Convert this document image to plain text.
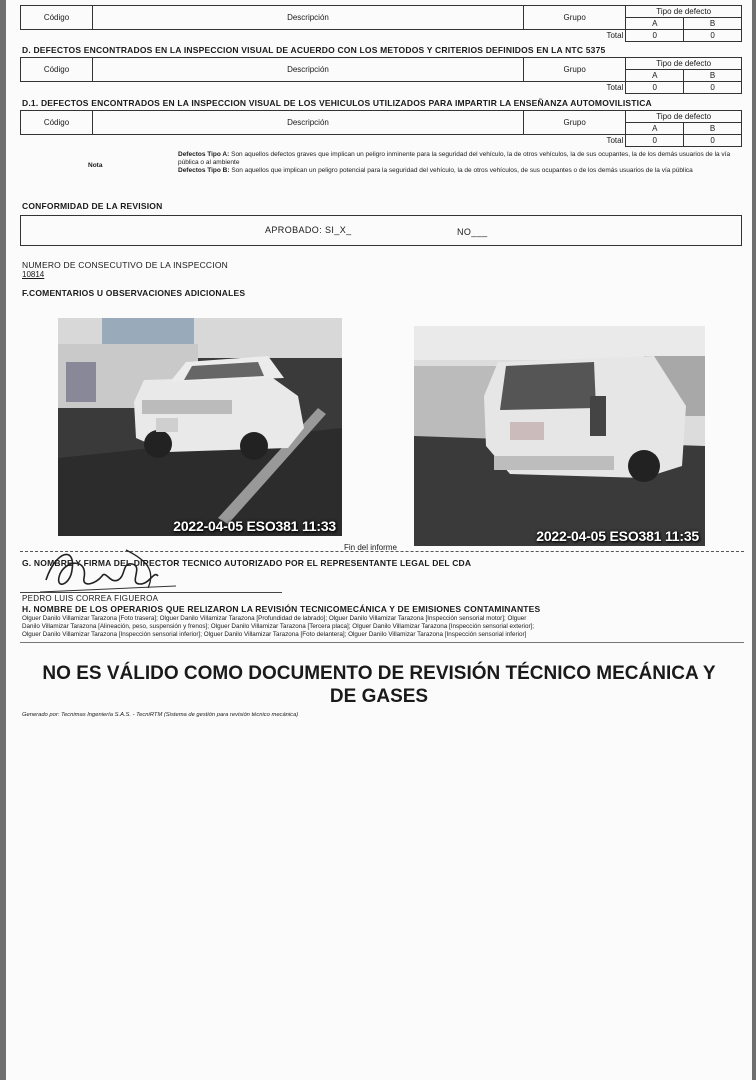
Código	Descripción	Grupo	Tipo de defecto	
			A	B
Total			0	0
D. DEFECTOS ENCONTRADOS EN LA INSPECCION VISUAL DE ACUERDO CON LOS METODOS Y CRITERIOS DEFINIDOS EN LA NTC 5375
Código	Descripción	Grupo	Tipo de defecto	
			A	B
Total			0	0
D.1. DEFECTOS ENCONTRADOS EN LA INSPECCION VISUAL DE LOS VEHICULOS UTILIZADOS PARA IMPARTIR LA ENSEÑANZA AUTOMOVILISTICA
Código	Descripción	Grupo	Tipo de defecto	
			A	B
Total			0	0
Nota
Defectos Tipo A: Son aquellos defectos graves que implican un peligro inminente para la seguridad del vehículo, la de otros vehículos, la de sus ocupantes, la de los demás usuarios de la vía pública o al ambiente
Defectos Tipo B: Son aquellos que implican un peligro potencial para la seguridad del vehículo, la de otros vehículos, de sus ocupantes o de los demás usuarios de la vía pública
CONFORMIDAD DE LA REVISION
APROBADO: SI_X_	NO___
NUMERO DE CONSECUTIVO DE LA INSPECCION
10814
F.COMENTARIOS U OBSERVACIONES ADICIONALES
2022-04-05 ESO381 11:33
2022-04-05 ESO381 11:35
Fin del informe
G. NOMBRE Y FIRMA DEL DIRECTOR TECNICO AUTORIZADO POR EL REPRESENTANTE LEGAL DEL CDA
PEDRO LUIS CORREA FIGUEROA
H. NOMBRE DE LOS OPERARIOS QUE RELIZARON LA REVISIÓN TECNICOMECÁNICA Y DE EMISIONES CONTAMINANTES
Olguer Danilo Villamizar Tarazona [Foto trasera]; Olguer Danilo Villamizar Tarazona [Profundidad de labrado]; Olguer Danilo Villamizar Tarazona [Inspección sensorial motor]; Olguer
Danilo Villamizar Tarazona [Alineación, peso, suspensión y frenos]; Olguer Danilo Villamizar Tarazona [Tercera placa]; Olguer Danilo Villamizar Tarazona [Inspección sensorial exterior];
Olguer Danilo Villamizar Tarazona [Inspección sensorial inferior]; Olguer Danilo Villamizar Tarazona [Foto delantera]; Olguer Danilo Villamizar Tarazona [Inspección sensorial inferior]
NO ES VÁLIDO COMO DOCUMENTO DE REVISIÓN TÉCNICO MECÁNICA Y
DE GASES
Generado por: Tecnimas Ingeniería S.A.S. - TecniRTM (Sistema de gestión para revisión técnico mecánica)
